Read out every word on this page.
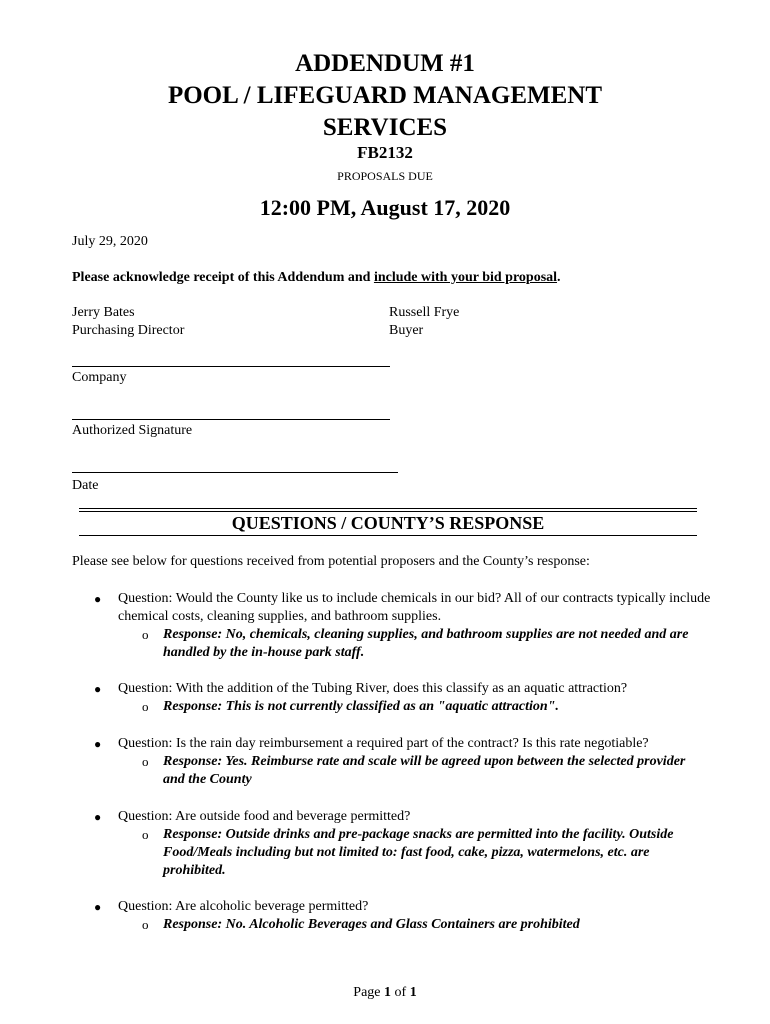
ADDENDUM #1
POOL / LIFEGUARD MANAGEMENT
SERVICES
FB2132
PROPOSALS DUE
12:00 PM, August 17, 2020
July 29, 2020
Please acknowledge receipt of this Addendum and include with your bid proposal.
Jerry Bates
Purchasing Director
Russell Frye
Buyer
Company
Authorized Signature
Date
QUESTIONS / COUNTY’S RESPONSE
Please see below for questions received from potential proposers and the County’s response:
● Question: Would the County like us to include chemicals in our bid? All of our contracts typically include chemical costs, cleaning supplies, and bathroom supplies.
o Response: No, chemicals, cleaning supplies, and bathroom supplies are not needed and are handled by the in-house park staff.
● Question: With the addition of the Tubing River, does this classify as an aquatic attraction?
o Response: This is not currently classified as an "aquatic attraction".
● Question: Is the rain day reimbursement a required part of the contract? Is this rate negotiable?
o Response: Yes. Reimburse rate and scale will be agreed upon between the selected provider and the County
● Question: Are outside food and beverage permitted?
o Response: Outside drinks and pre-package snacks are permitted into the facility. Outside Food/Meals including but not limited to: fast food, cake, pizza, watermelons, etc. are prohibited.
● Question: Are alcoholic beverage permitted?
o Response: No. Alcoholic Beverages and Glass Containers are prohibited
Page 1 of 1
